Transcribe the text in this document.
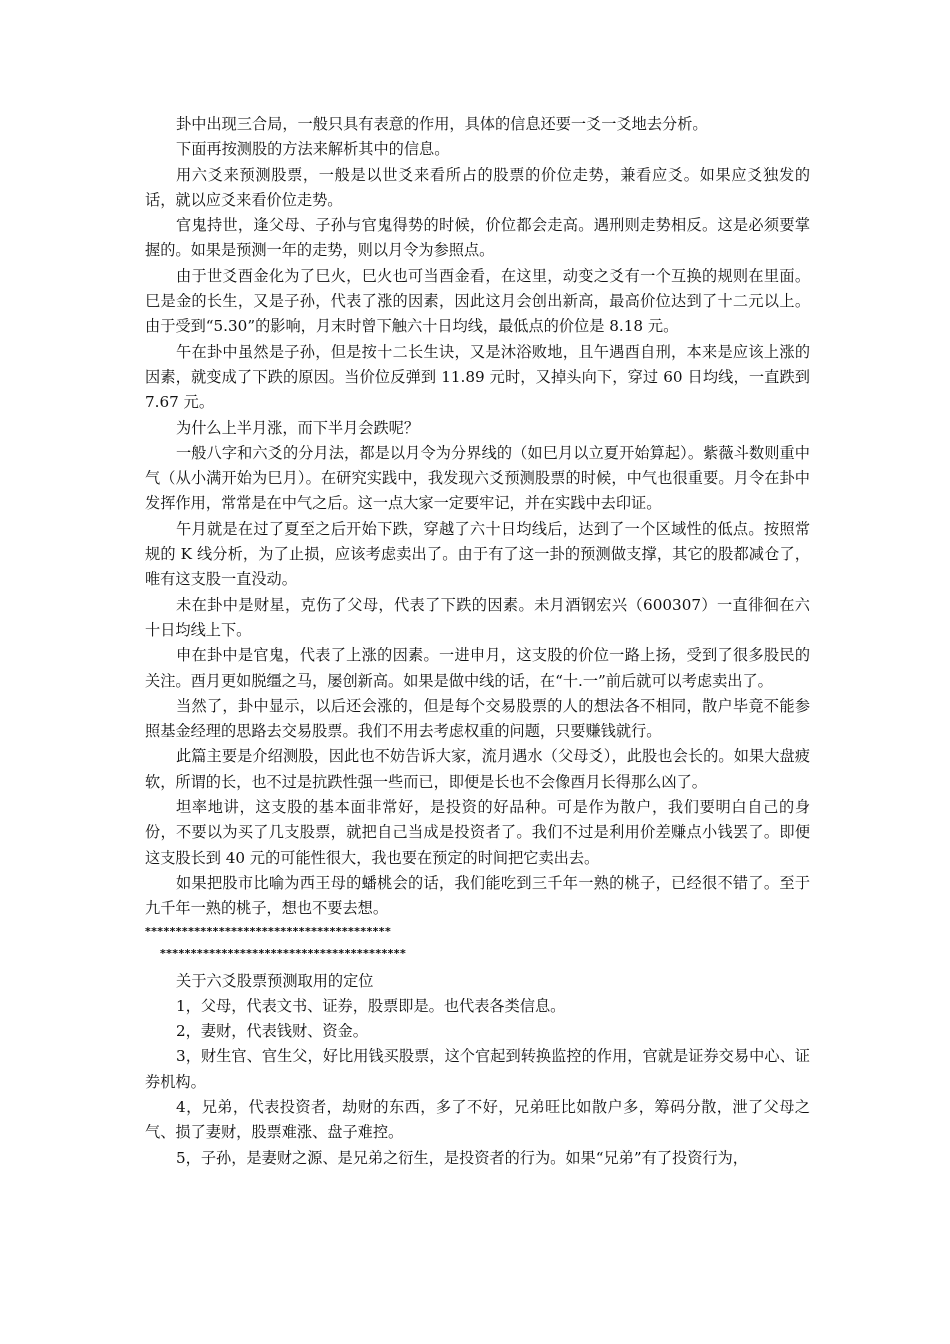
卦中出现三合局，一般只具有表意的作用，具体的信息还要一爻一爻地去分析。

下面再按测股的方法来解析其中的信息。

用六爻来预测股票，一般是以世爻来看所占的股票的价位走势，兼看应爻。如果应爻独发的话，就以应爻来看价位走势。

官鬼持世，逢父母、子孙与官鬼得势的时候，价位都会走高。遇刑则走势相反。这是必须要掌握的。如果是预测一年的走势，则以月令为参照点。

由于世爻酉金化为了巳火，巳火也可当酉金看，在这里，动变之爻有一个互换的规则在里面。巳是金的长生，又是子孙，代表了涨的因素，因此这月会创出新高，最高价位达到了十二元以上。由于受到“5.30”的影响，月末时曾下触六十日均线，最低点的价位是 8.18 元。

午在卦中虽然是子孙，但是按十二长生诀，又是沐浴败地，且午遇酉自刑，本来是应该上涨的因素，就变成了下跌的原因。当价位反弹到 11.89 元时，又掉头向下，穿过 60 日均线，一直跌到 7.67 元。

为什么上半月涨，而下半月会跌呢？

一般八字和六爻的分月法，都是以月令为分界线的（如巳月以立夏开始算起）。紫薇斗数则重中气（从小满开始为巳月）。在研究实践中，我发现六爻预测股票的时候，中气也很重要。月令在卦中发挥作用，常常是在中气之后。这一点大家一定要牢记，并在实践中去印证。

午月就是在过了夏至之后开始下跌，穿越了六十日均线后，达到了一个区域性的低点。按照常规的 K 线分析，为了止损，应该考虑卖出了。由于有了这一卦的预测做支撑，其它的股都减仓了，唯有这支股一直没动。

未在卦中是财星，克伤了父母，代表了下跌的因素。未月酒钢宏兴（600307）一直徘徊在六十日均线上下。

申在卦中是官鬼，代表了上涨的因素。一进申月，这支股的价位一路上扬，受到了很多股民的关注。酉月更如脱缰之马，屡创新高。如果是做中线的话，在“十.一”前后就可以考虑卖出了。

当然了，卦中显示，以后还会涨的，但是每个交易股票的人的想法各不相同，散户毕竟不能参照基金经理的思路去交易股票。我们不用去考虑权重的问题，只要赚钱就行。

此篇主要是介绍测股，因此也不妨告诉大家，流月遇水（父母爻），此股也会长的。如果大盘疲软，所谓的长，也不过是抗跌性强一些而已，即便是长也不会像酉月长得那么凶了。

坦率地讲，这支股的基本面非常好，是投资的好品种。可是作为散户，我们要明白自己的身份，不要以为买了几支股票，就把自己当成是投资者了。我们不过是利用价差赚点小钱罢了。即便这支股长到 40 元的可能性很大，我也要在预定的时间把它卖出去。

如果把股市比喻为西王母的蟠桃会的话，我们能吃到三千年一熟的桃子，已经很不错了。至于九千年一熟的桃子，想也不要去想。

****************************************
****************************************

关于六爻股票预测取用的定位

1，父母，代表文书、证券，股票即是。也代表各类信息。

2，妻财，代表钱财、资金。

3，财生官、官生父，好比用钱买股票，这个官起到转换监控的作用，官就是证券交易中心、证券机构。

4，兄弟，代表投资者，劫财的东西，多了不好，兄弟旺比如散户多，筹码分散，泄了父母之气、损了妻财，股票难涨、盘子难控。

5，子孙，是妻财之源、是兄弟之衍生，是投资者的行为。如果“兄弟”有了投资行为，
